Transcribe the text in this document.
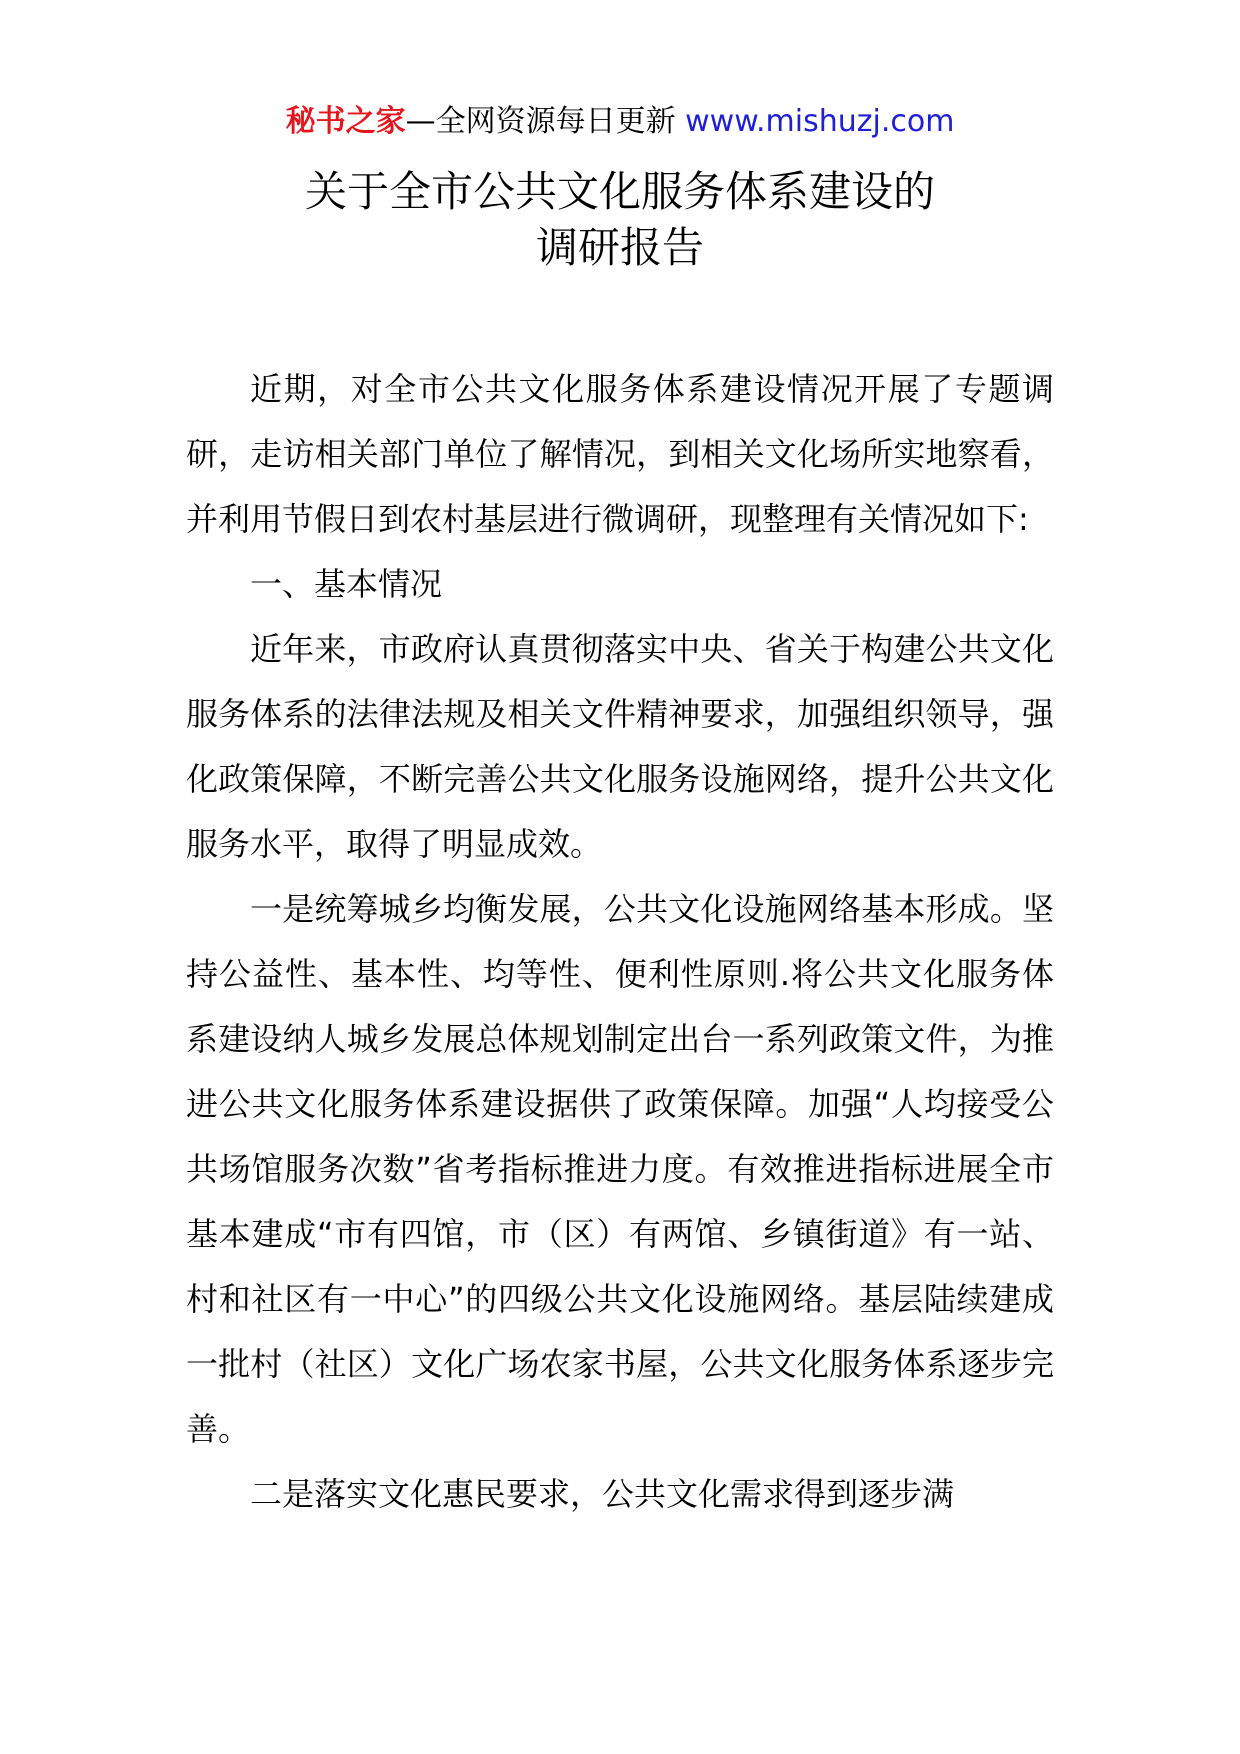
秘书之家—全网资源每日更新 www.mishuzj.com
关于全市公共文化服务体系建设的
调研报告

近期，对全市公共文化服务体系建设情况开展了专题调研，走访相关部门单位了解情况，到相关文化场所实地察看，并利用节假日到农村基层进行微调研，现整理有关情况如下:

一、基本情况

近年来，市政府认真贯彻落实中央、省关于构建公共文化服务体系的法律法规及相关文件精神要求，加强组织领导，强化政策保障，不断完善公共文化服务设施网络，提升公共文化服务水平，取得了明显成效。

一是统筹城乡均衡发展，公共文化设施网络基本形成。坚持公益性、基本性、均等性、便利性原则.将公共文化服务体系建设纳人城乡发展总体规划制定出台一系列政策文件，为推进公共文化服务体系建设据供了政策保障。加强“人均接受公共场馆服务次数”省考指标推进力度。有效推进指标进展全市基本建成“市有四馆，市（区）有两馆、乡镇街道》有一站、村和社区有一中心”的四级公共文化设施网络。基层陆续建成一批村（社区）文化广场农家书屋，公共文化服务体系逐步完善。

二是落实文化惠民要求，公共文化需求得到逐步满
